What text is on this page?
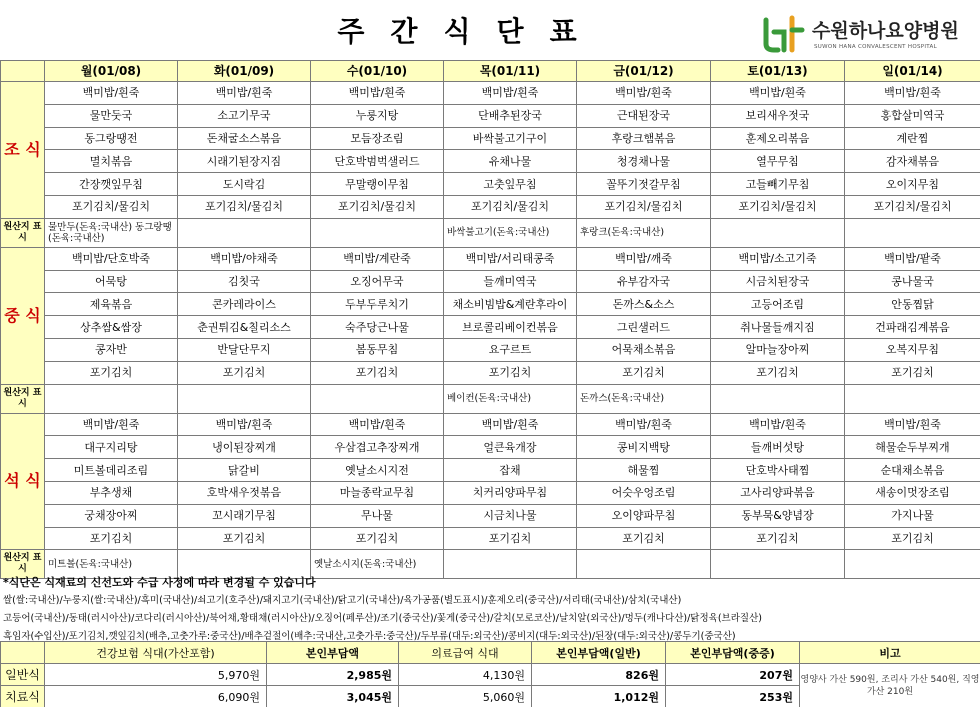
주간식단표	수원하나요양병원
SUWON HANA CONVALESCENT HOSPITAL
	월(01/08)	화(01/09)	수(01/10)	목(01/11)	금(01/12)	토(01/13)	일(01/14)
조 식	백미밥/흰죽	백미밥/흰죽	백미밥/흰죽	백미밥/흰죽	백미밥/흰죽	백미밥/흰죽	백미밥/흰죽
	물만둣국	소고기무국	누룽지탕	단배추된장국	근대된장국	보리새우젓국	홍합살미역국
	동그랑땡전	돈채굴소스볶음	모듬장조림	바싹불고기구이	후랑크햄볶음	훈제오리볶음	계란찜
	멸치볶음	시래기된장지짐	단호박범벅샐러드	유채나물	청경채나물	열무무침	감자채볶음
	간장깻잎무침	도시락김	무말랭이무침	고춧잎무침	꼴뚜기젓갈무침	고들빼기무침	오이지무침
	포기김치/물김치	포기김치/물김치	포기김치/물김치	포기김치/물김치	포기김치/물김치	포기김치/물김치	포기김치/물김치
원산지 표시	물만두(돈육:국내산) 동그랑땡(돈육:국내산)			바싹불고기(돈육:국내산)	후랑크(돈육:국내산)		
중 식	백미밥/단호박죽	백미밥/야채죽	백미밥/계란죽	백미밥/서리태콩죽	백미밥/깨죽	백미밥/소고기죽	백미밥/팥죽
	어묵탕	김칫국	오징어무국	들깨미역국	유부감자국	시금치된장국	콩나물국
	제육볶음	콘카레라이스	두부두루치기	채소비빔밥&계란후라이	돈까스&소스	고등어조림	안동찜닭
	상추쌈&쌈장	춘권튀김&칠리소스	숙주당근나물	브로콜리베이컨볶음	그린샐러드	취나물들깨지짐	건파래김계볶음
	콩자반	반달단무지	봄동무침	요구르트	어묵채소볶음	알마늘장아찌	오복지무침
	포기김치	포기김치	포기김치	포기김치	포기김치	포기김치	포기김치
원산지 표시				베이컨(돈육:국내산)	돈까스(돈육:국내산)		
석 식	백미밥/흰죽	백미밥/흰죽	백미밥/흰죽	백미밥/흰죽	백미밥/흰죽	백미밥/흰죽	백미밥/흰죽
	대구지리탕	냉이된장찌개	우삼겹고추장찌개	얼큰육개장	콩비지백탕	들깨버섯탕	해물순두부찌개
	미트볼데리조림	닭갈비	옛날소시지전	잡채	해물찜	단호박사태찜	순대채소볶음
	부추생채	호박새우젓볶음	마늘종락교무침	치커리양파무침	어슷우엉조림	고사리양파볶음	새송이멋장조림
	궁채장아찌	꼬시래기무침	무나물	시금치나물	오이양파무침	동부묵&양념장	가지나물
	포기김치	포기김치	포기김치	포기김치	포기김치	포기김치	포기김치
원산지 표시	미트볼(돈육:국내산)		옛날소시지(돈육:국내산)				
*식단은 식재료의 신선도와 수급 사정에 따라 변경될 수 있습니다
쌀(쌀:국내산)/누룽지(쌀:국내산)/흑미(국내산)/쇠고기(호주산)/돼지고기(국내산)/닭고기(국내산)/육가공품(별도표시)/훈제오리(중국산)/서리태(국내산)/삼치(국내산)
고등어(국내산)/동태(러시아산)/코다리(러시아산)/북어채,황태채(러시아산)/오징어(페루산)/조기(중국산)/꽃게(중국산)/갈치(모로코산)/날치알(외국산)/멍두(캐나다산)/닭정육(브라질산)
흑임자(수입산)/포기김치,깻잎김치(배추,고춧가루:중국산)/배추겉절이(배추:국내산,고춧가루:중국산)/두부류(대두:외국산)/콩비지(대두:외국산)/된장(대두:외국산)/콩두기(중국산)
	건강보험 식대(가산포함)	본인부담액	의료급여 식대	본인부담액(일반)	본인부담액(중증)	비고
일반식	5,970원	2,985원	4,130원	826원	207원	영양사 가산 590원, 조리사 가산 540원, 직영가산 210원
치료식	6,090원	3,045원	5,060원	1,012원	253원	
